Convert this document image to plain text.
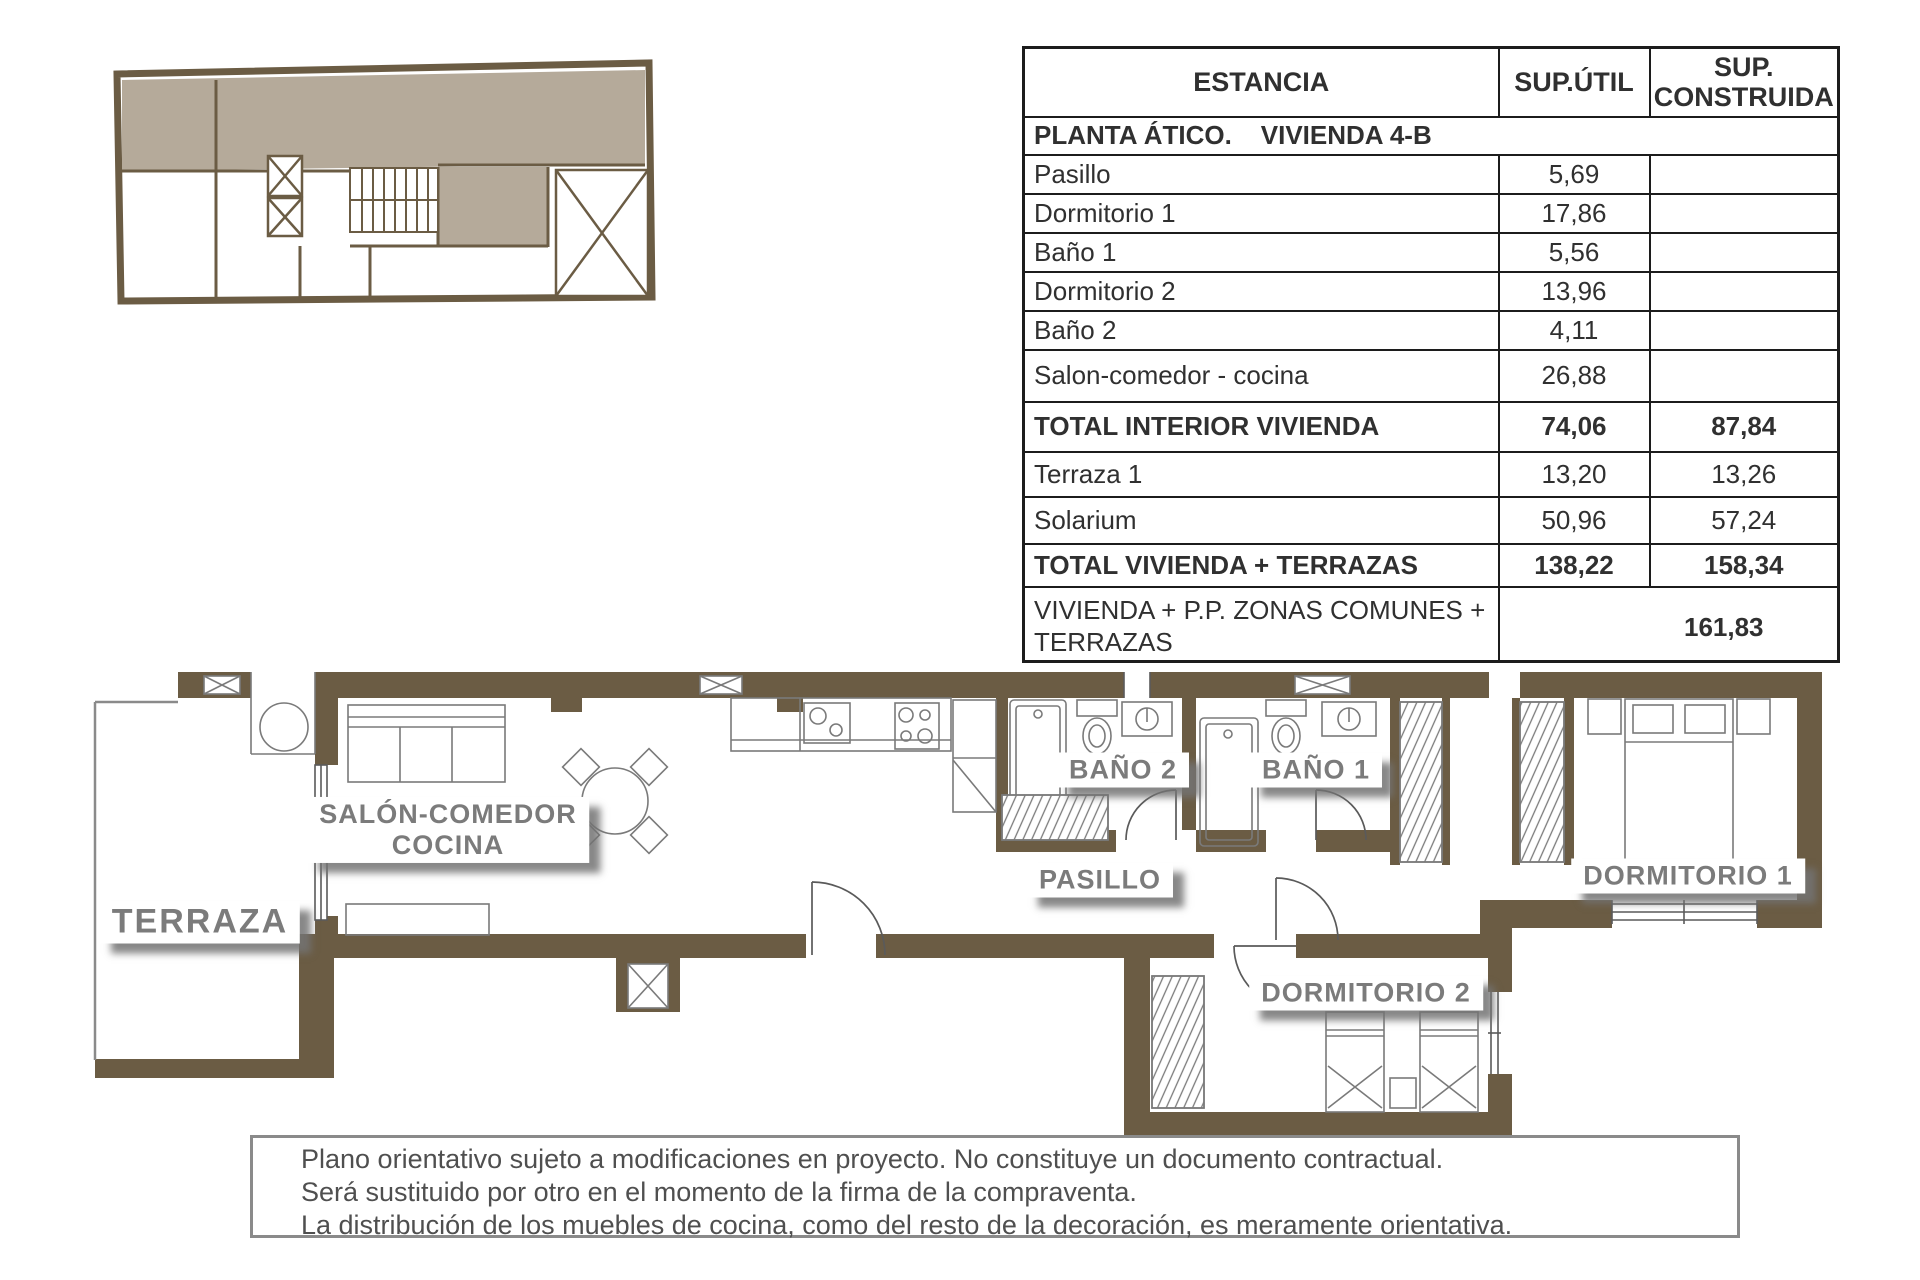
TERRAZA
SALÓN-COMEDOR
COCINA
BAÑO 2	BAÑO 1
PASILLO	DORMITORIO 1
DORMITORIO 2
ESTANCIA	SUP.ÚTIL	SUP. CONSTRUIDA
PLANTA ÁTICO.    VIVIENDA 4-B		
Pasillo	5,69	
Dormitorio 1	17,86	
Baño 1	5,56	
Dormitorio 2	13,96	
Baño 2	4,11	
Salon-comedor - cocina	26,88	
TOTAL INTERIOR VIVIENDA	74,06	87,84
Terraza 1	13,20	13,26
Solarium	50,96	57,24
TOTAL VIVIENDA + TERRAZAS	138,22	158,34
VIVIENDA + P.P. ZONAS COMUNES + TERRAZAS	161,83	
Plano orientativo sujeto a modificaciones en proyecto. No constituye un documento contractual.
Será sustituido por otro en el momento de la firma de la compraventa.
La distribución de los muebles de cocina, como del resto de la decoración, es meramente orientativa.
